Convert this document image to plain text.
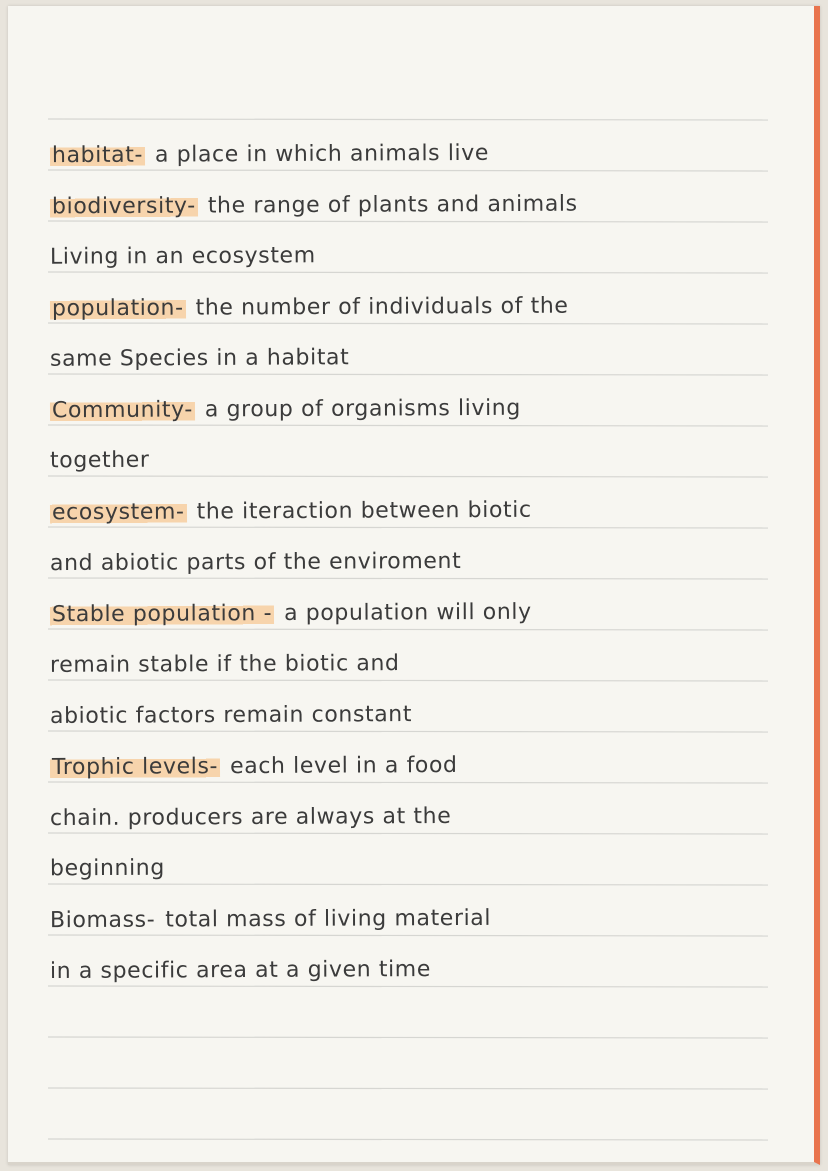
habitat- a place in which animals live
biodiversity- the range of plants and animals
Living in an ecosystem
population- the number of individuals of the
same Species in a habitat
Community- a group of organisms living
together
ecosystem- the iteraction between biotic
and abiotic parts of the enviroment
Stable population - a population will only
remain stable if the biotic and
abiotic factors remain constant
Trophic levels- each level in a food
chain. producers are always at the
beginning
Biomass- total mass of living material
in a specific area at a given time
